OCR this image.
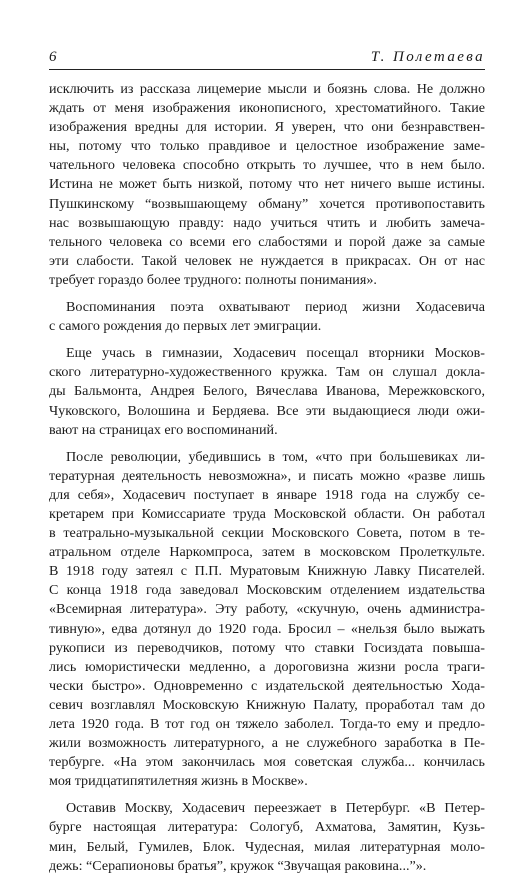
6	Т. Полетаева

исключить из рассказа лицемерие мысли и боязнь слова. Не должно
ждать от меня изображения иконописного, хрестоматийного. Такие
изображения вредны для истории. Я уверен, что они безнравствен-
ны, потому что только правдивое и целостное изображение заме-
чательного человека способно открыть то лучшее, что в нем было.
Истина не может быть низкой, потому что нет ничего выше истины.
Пушкинскому “возвышающему обману” хочется противопоставить
нас возвышающую правду: надо учиться чтить и любить замеча-
тельного человека со всеми его слабостями и порой даже за самые
эти слабости. Такой человек не нуждается в прикрасах. Он от нас
требует гораздо более трудного: полноты понимания».

Воспоминания поэта охватывают период жизни Ходасевича
с самого рождения до первых лет эмиграции.

Еще учась в гимназии, Ходасевич посещал вторники Москов-
ского литературно-художественного кружка. Там он слушал докла-
ды Бальмонта, Андрея Белого, Вячеслава Иванова, Мережковского,
Чуковского, Волошина и Бердяева. Все эти выдающиеся люди ожи-
вают на страницах его воспоминаний.

После революции, убедившись в том, «что при большевиках ли-
тературная деятельность невозможна», и писать можно «разве лишь
для себя», Ходасевич поступает в январе 1918 года на службу се-
кретарем при Комиссариате труда Московской области. Он работал
в театрально-музыкальной секции Московского Совета, потом в те-
атральном отделе Наркомпроса, затем в московском Пролеткульте.
В 1918 году затеял с П.П. Муратовым Книжную Лавку Писателей.
С конца 1918 года заведовал Московским отделением издательства
«Всемирная литература». Эту работу, «скучную, очень администра-
тивную», едва дотянул до 1920 года. Бросил – «нельзя было выжать
рукописи из переводчиков, потому что ставки Госиздата повыша-
лись юмористически медленно, а дороговизна жизни росла траги-
чески быстро». Одновременно с издательской деятельностью Хода-
севич возглавлял Московскую Книжную Палату, проработал там до
лета 1920 года. В тот год он тяжело заболел. Тогда-то ему и предло-
жили возможность литературного, а не служебного заработка в Пе-
тербурге. «На этом закончилась моя советская служба... кончилась
моя тридцатипятилетняя жизнь в Москве».

Оставив Москву, Ходасевич переезжает в Петербург. «В Петер-
бурге настоящая литература: Сологуб, Ахматова, Замятин, Кузь-
мин, Белый, Гумилев, Блок. Чудесная, милая литературная моло-
дежь: “Серапионовы братья”, кружок “Звучащая раковина...”».
